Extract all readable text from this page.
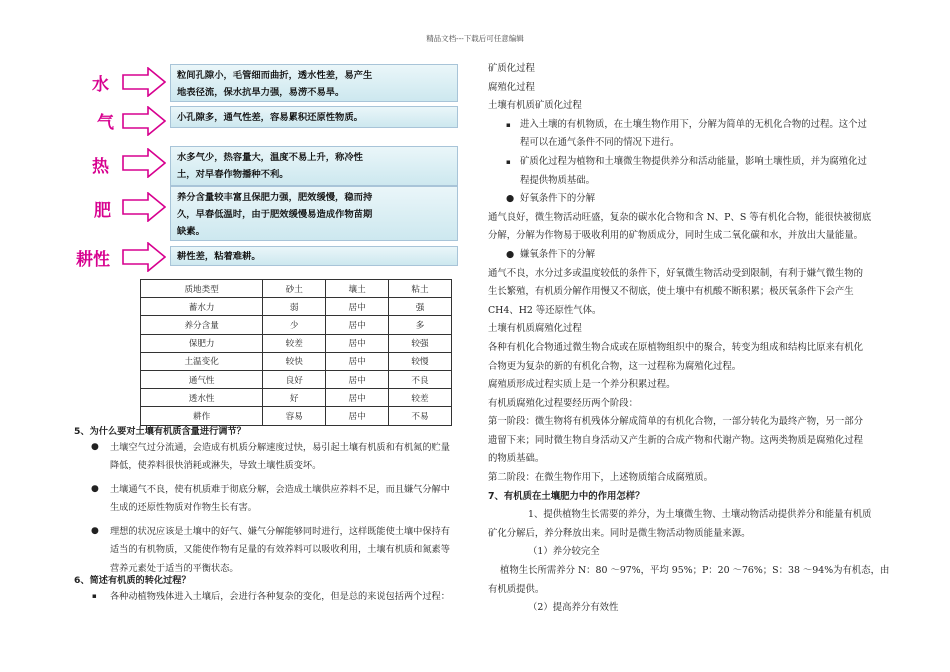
精品文档---下载后可任意编辑
水	粒间孔隙小，毛管细而曲折，透水性差，易产生
地表径流，保水抗旱力强，易涝不易旱。
气	小孔隙多，通气性差，容易累积还原性物质。
热	水多气少，热容量大，温度不易上升，称冷性
土，对早春作物播种不利。
肥
养分含量较丰富且保肥力强，肥效缓慢，稳而持
久，早春低温时，由于肥效缓慢易造成作物苗期
缺素。
耕性	耕性差，粘着难耕。
质地类型	砂土	壤土	粘土
蓄水力	弱	居中	强
养分含量	少	居中	多
保肥力	较差	居中	较强
土温变化	较快	居中	较慢
通气性	良好	居中	不良
透水性	好	居中	较差
耕作	容易	居中	不易
5、为什么要对土壤有机质含量进行调节？
● 土壤空气过分流通，会造成有机质分解速度过快，易引起土壤有机质和有机氮的贮量
降低，使养料很快消耗或淋失，导致土壤性质变坏。
● 土壤通气不良，使有机质难于彻底分解，会造成土壤供应养料不足，而且嫌气分解中
生成的还原性物质对作物生长有害。
● 理想的状况应该是土壤中的好气、嫌气分解能够同时进行，这样既能使土壤中保持有
适当的有机物质，又能使作物有足量的有效养料可以吸收利用，土壤有机质和氮素等
营养元素处于适当的平衡状态。
6、简述有机质的转化过程？
▪ 各种动植物残体进入土壤后，会进行各种复杂的变化，但是总的来说包括两个过程：
矿质化过程
腐殖化过程
土壤有机质矿质化过程
▪ 进入土壤的有机物质，在土壤生物作用下，分解为简单的无机化合物的过程。这个过
程可以在通气条件不同的情况下进行。
▪ 矿质化过程为植物和土壤微生物提供养分和活动能量，影响土壤性质，并为腐殖化过
程提供物质基础。
● 好氧条件下的分解
通气良好，微生物活动旺盛，复杂的碳水化合物和含 N、P、S 等有机化合物，能很快被彻底
分解，分解为作物易于吸收利用的矿物质成分，同时生成二氧化碳和水，并放出大量能量。
● 嫌氧条件下的分解
通气不良，水分过多或温度较低的条件下，好氧微生物活动受到限制，有利于嫌气微生物的
生长繁殖，有机质分解作用慢又不彻底，使土壤中有机酸不断积累；极厌氧条件下会产生
CH4、H2 等还原性气体。
土壤有机质腐殖化过程
各种有机化合物通过微生物合成或在原植物组织中的聚合，转变为组成和结构比原来有机化
合物更为复杂的新的有机化合物，这一过程称为腐殖化过程。
腐殖质形成过程实质上是一个养分积累过程。
有机质腐殖化过程要经历两个阶段：
第一阶段：微生物将有机残体分解成简单的有机化合物，一部分转化为最终产物，另一部分
遗留下来；同时微生物自身活动又产生新的合成产物和代谢产物。这两类物质是腐殖化过程
的物质基础。
第二阶段：在微生物作用下，上述物质缩合成腐殖质。
7、有机质在土壤肥力中的作用怎样？
1、提供植物生长需要的养分，为土壤微生物、土壤动物活动提供养分和能量有机质
矿化分解后，养分释放出来。同时是微生物活动物质能量来源。
（1）养分较完全
植物生长所需养分 N：80 ～97%，平均 95%；P：20 ～76%；S：38 ～94%为有机态，由
有机质提供。
（2）提高养分有效性
